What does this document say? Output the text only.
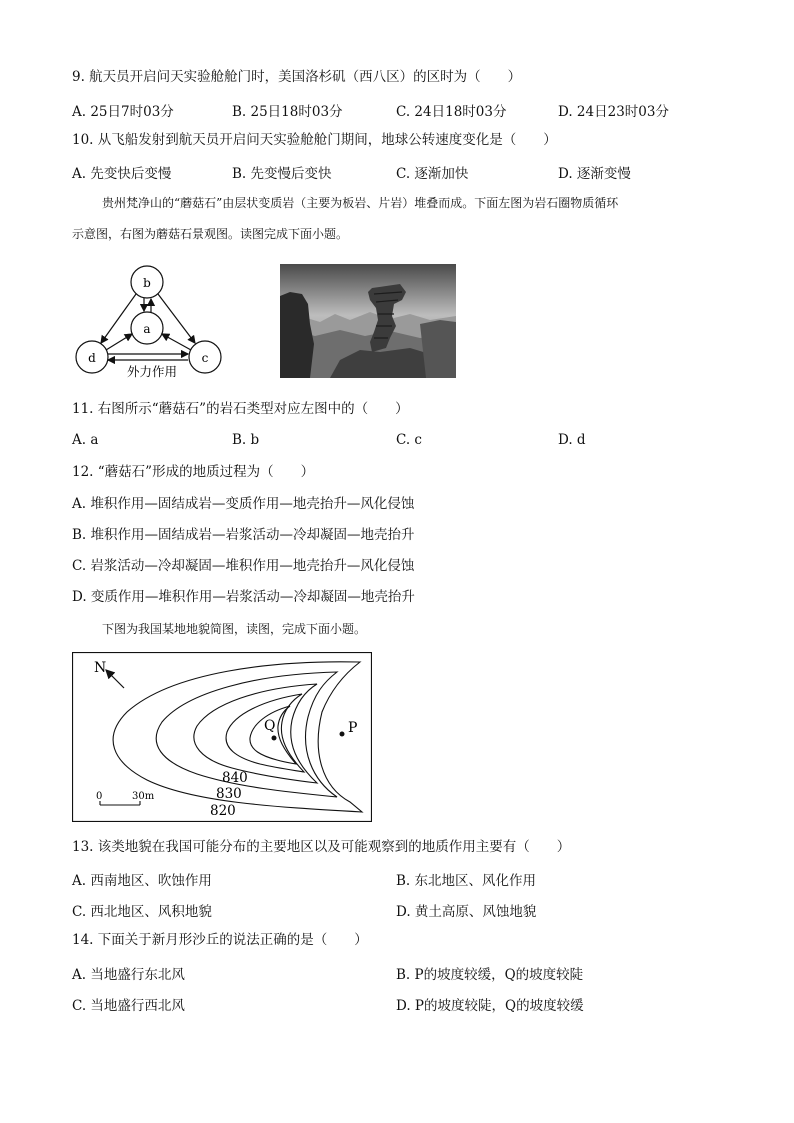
9. 航天员开启问天实验舱舱门时，美国洛杉矶（西八区）的区时为（　　）
A. 25日7时03分	B. 25日18时03分	C. 24日18时03分	D. 24日23时03分
10. 从飞船发射到航天员开启问天实验舱舱门期间，地球公转速度变化是（　　）
A. 先变快后变慢	B. 先变慢后变快	C. 逐渐加快	D. 逐渐变慢
贵州梵净山的“蘑菇石”由层状变质岩（主要为板岩、片岩）堆叠而成。下面左图为岩石圈物质循环
示意图，右图为蘑菇石景观图。读图完成下面小题。
b
a
d	c
外力作用
11. 右图所示“蘑菇石”的岩石类型对应左图中的（　　）
A. a	B. b	C. c	D. d
12. “蘑菇石”形成的地质过程为（　　）
A. 堆积作用—固结成岩—变质作用—地壳抬升—风化侵蚀
B. 堆积作用—固结成岩—岩浆活动—冷却凝固—地壳抬升
C. 岩浆活动—冷却凝固—堆积作用—地壳抬升—风化侵蚀
D. 变质作用—堆积作用—岩浆活动—冷却凝固—地壳抬升
下图为我国某地地貌简图，读图，完成下面小题。
N
Q	P
840
830
820
0	30m
13. 该类地貌在我国可能分布的主要地区以及可能观察到的地质作用主要有（　　）
A. 西南地区、吹蚀作用	B. 东北地区、风化作用
C. 西北地区、风积地貌	D. 黄土高原、风蚀地貌
14. 下面关于新月形沙丘的说法正确的是（　　）
A. 当地盛行东北风	B. P的坡度较缓，Q的坡度较陡
C. 当地盛行西北风	D. P的坡度较陡，Q的坡度较缓
